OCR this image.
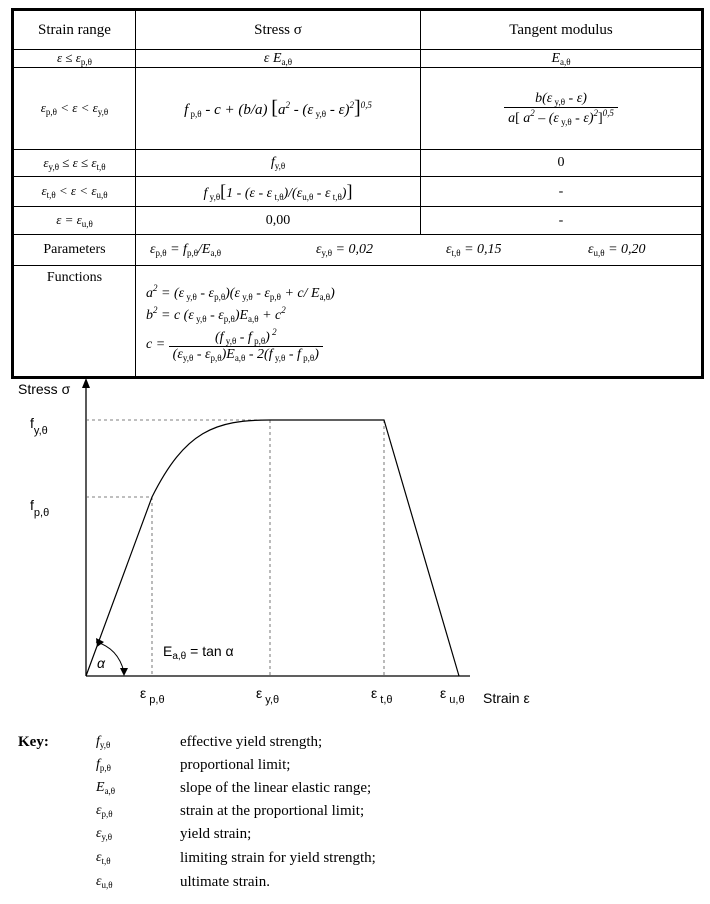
Strain range	Stress σ	Tangent modulus
$\varepsilon \le \varepsilon_{p,\theta}$	ε $E_{a,\theta}$	$E_{a,\theta}$
$\varepsilon_{p,\theta} < \varepsilon < \varepsilon_{y,\theta}$	f $_{p,\theta}$ - c + (b/a) [$a^2 - (\varepsilon$ $_{y,\theta}$ - ε)$^2$]$^{0,5}$	$\frac{b(\varepsilon _{y,\theta} - \varepsilon)}{a[ a^2 - (\varepsilon _{y,\theta} - \varepsilon)^2]^{0,5}}$

$\varepsilon_{y,\theta} \le \varepsilon \le \varepsilon_{t,\theta}$	$f_{y,\theta}$	0
$\varepsilon_{t,\theta} < \varepsilon < \varepsilon_{u,\theta}$	f $_{y,\theta}$[1 - (ε - ε $_{t,\theta})/(\varepsilon_{u,\theta}$ - ε $_{t,\theta}$)]	-
$\varepsilon = \varepsilon_{u,\theta}$	0,00	-
Parameters	$\varepsilon_{p,\theta} = f_{p,\theta}/E_{a,\theta}$ $\varepsilon_{y,\theta} = 0,02$ $\varepsilon_{t,\theta} = 0,15$ $\varepsilon_{u,\theta} = 0,20$	

Functions	$a^2 = (\varepsilon$ $_{y,\theta} - \varepsilon_{p,\theta})(\varepsilon$ $_{y,\theta} - \varepsilon_{p,\theta} + c/$ $E_{a,\theta}$)
$b^2 = c$ (ε $_{y,\theta} - \varepsilon_{p,\theta})E_{a,\theta} + c^2$
$c = \frac{(f _{y,\theta} - f _{p,\theta}) ^2}{(\varepsilon_{y,\theta} - \varepsilon_{p,\theta})E_{a,\theta} - 2(f _{y,\theta} - f _{p,\theta})}$
α
$E_{a,\theta} = \tan \alpha$
Stress σ
Strain ε
$f_{y,\theta}$
$f_{p,\theta}$
ε $_{p,\theta}$	ε $_{y,\theta}$	ε $_{t,\theta}$	ε $_{u,\theta}$
Key:	$f_{y,\theta}$	effective yield strength;
$f_{p,\theta}$	proportional limit;
$E_{a,\theta}$	slope of the linear elastic range;
$\varepsilon_{p,\theta}$	strain at the proportional limit;
$\varepsilon_{y,\theta}$	yield strain;
$\varepsilon_{t,\theta}$	limiting strain for yield strength;
$\varepsilon_{u,\theta}$	ultimate strain.
